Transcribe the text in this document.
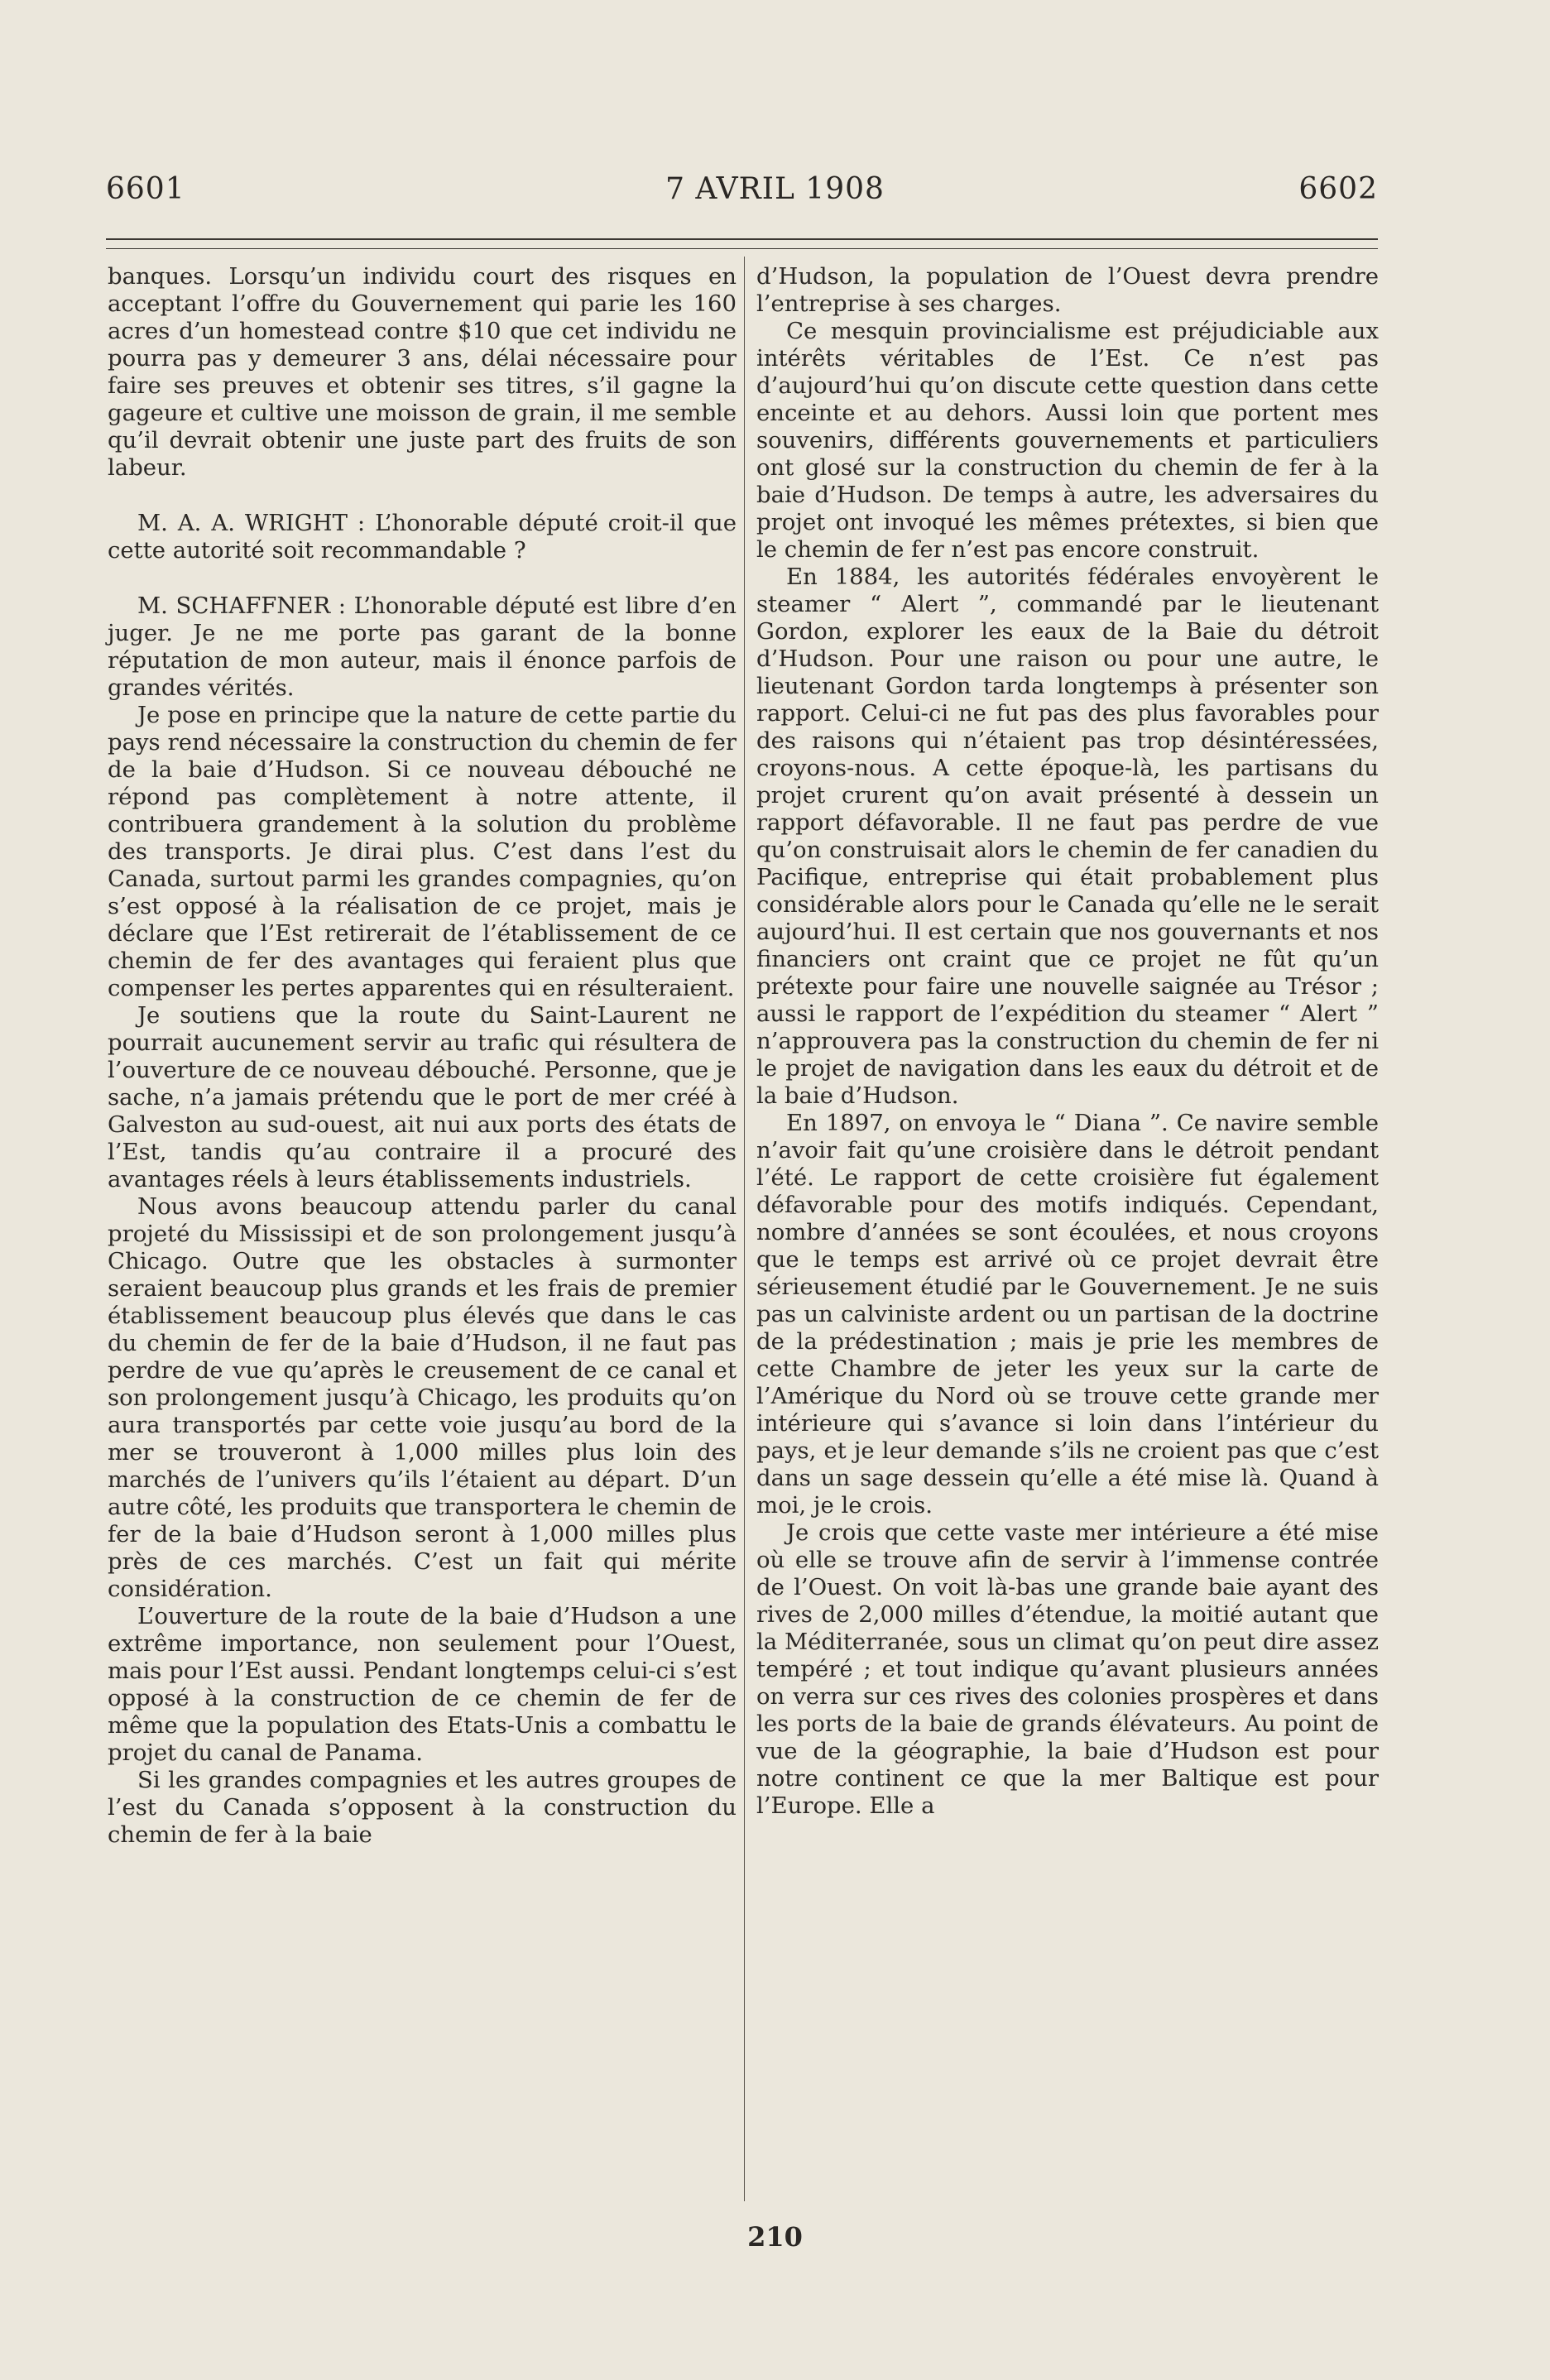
6601	7 AVRIL 1908	6602

banques. Lorsqu’un individu court des risques en acceptant l’offre du Gouvernement qui parie les 160 acres d’un homestead contre $10 que cet individu ne pourra pas y demeurer 3 ans, délai nécessaire pour faire ses preuves et obtenir ses titres, s’il gagne la gageure et cultive une moisson de grain, il me semble qu’il devrait obtenir une juste part des fruits de son labeur.

M. A. A. WRIGHT : L’honorable député croit-il que cette autorité soit recommandable ?

M. SCHAFFNER : L’honorable député est libre d’en juger. Je ne me porte pas garant de la bonne réputation de mon auteur, mais il énonce parfois de grandes vérités.

Je pose en principe que la nature de cette partie du pays rend nécessaire la construction du chemin de fer de la baie d’Hudson. Si ce nouveau débouché ne répond pas complètement à notre attente, il contribuera grandement à la solution du problème des transports. Je dirai plus. C’est dans l’est du Canada, surtout parmi les grandes compagnies, qu’on s’est opposé à la réalisation de ce projet, mais je déclare que l’Est retirerait de l’établissement de ce chemin de fer des avantages qui feraient plus que compenser les pertes apparentes qui en résulteraient.

Je soutiens que la route du Saint-Laurent ne pourrait aucunement servir au trafic qui résultera de l’ouverture de ce nouveau débouché. Personne, que je sache, n’a jamais prétendu que le port de mer créé à Galveston au sud-ouest, ait nui aux ports des états de l’Est, tandis qu’au contraire il a procuré des avantages réels à leurs établissements industriels.

Nous avons beaucoup attendu parler du canal projeté du Mississipi et de son prolongement jusqu’à Chicago. Outre que les obstacles à surmonter seraient beaucoup plus grands et les frais de premier établissement beaucoup plus élevés que dans le cas du chemin de fer de la baie d’Hudson, il ne faut pas perdre de vue qu’après le creusement de ce canal et son prolongement jusqu’à Chicago, les produits qu’on aura transportés par cette voie jusqu’au bord de la mer se trouveront à 1,000 milles plus loin des marchés de l’univers qu’ils l’étaient au départ. D’un autre côté, les produits que transportera le chemin de fer de la baie d’Hudson seront à 1,000 milles plus près de ces marchés. C’est un fait qui mérite considération.

L’ouverture de la route de la baie d’Hudson a une extrême importance, non seulement pour l’Ouest, mais pour l’Est aussi. Pendant longtemps celui-ci s’est opposé à la construction de ce chemin de fer de même que la population des Etats-Unis a combattu le projet du canal de Panama.

Si les grandes compagnies et les autres groupes de l’est du Canada s’opposent à la construction du chemin de fer à la baie

d’Hudson, la population de l’Ouest devra prendre l’entreprise à ses charges.

Ce mesquin provincialisme est préjudiciable aux intérêts véritables de l’Est. Ce n’est pas d’aujourd’hui qu’on discute cette question dans cette enceinte et au dehors. Aussi loin que portent mes souvenirs, différents gouvernements et particuliers ont glosé sur la construction du chemin de fer à la baie d’Hudson. De temps à autre, les adversaires du projet ont invoqué les mêmes prétextes, si bien que le chemin de fer n’est pas encore construit.

En 1884, les autorités fédérales envoyèrent le steamer “ Alert ”, commandé par le lieutenant Gordon, explorer les eaux de la Baie du détroit d’Hudson. Pour une raison ou pour une autre, le lieutenant Gordon tarda longtemps à présenter son rapport. Celui-ci ne fut pas des plus favorables pour des raisons qui n’étaient pas trop désintéressées, croyons-nous. A cette époque-là, les partisans du projet crurent qu’on avait présenté à dessein un rapport défavorable. Il ne faut pas perdre de vue qu’on construisait alors le chemin de fer canadien du Pacifique, entreprise qui était probablement plus considérable alors pour le Canada qu’elle ne le serait aujourd’hui. Il est certain que nos gouvernants et nos financiers ont craint que ce projet ne fût qu’un prétexte pour faire une nouvelle saignée au Trésor ; aussi le rapport de l’expédition du steamer “ Alert ” n’approuvera pas la construction du chemin de fer ni le projet de navigation dans les eaux du détroit et de la baie d’Hudson.

En 1897, on envoya le “ Diana ”. Ce navire semble n’avoir fait qu’une croisière dans le détroit pendant l’été. Le rapport de cette croisière fut également défavorable pour des motifs indiqués. Cependant, nombre d’années se sont écoulées, et nous croyons que le temps est arrivé où ce projet devrait être sérieusement étudié par le Gouvernement. Je ne suis pas un calviniste ardent ou un partisan de la doctrine de la prédestination ; mais je prie les membres de cette Chambre de jeter les yeux sur la carte de l’Amérique du Nord où se trouve cette grande mer intérieure qui s’avance si loin dans l’intérieur du pays, et je leur demande s’ils ne croient pas que c’est dans un sage dessein qu’elle a été mise là. Quand à moi, je le crois.

Je crois que cette vaste mer intérieure a été mise où elle se trouve afin de servir à l’immense contrée de l’Ouest. On voit là-bas une grande baie ayant des rives de 2,000 milles d’étendue, la moitié autant que la Méditerranée, sous un climat qu’on peut dire assez tempéré ; et tout indique qu’avant plusieurs années on verra sur ces rives des colonies prospères et dans les ports de la baie de grands élévateurs. Au point de vue de la géographie, la baie d’Hudson est pour notre continent ce que la mer Baltique est pour l’Europe. Elle a

210
